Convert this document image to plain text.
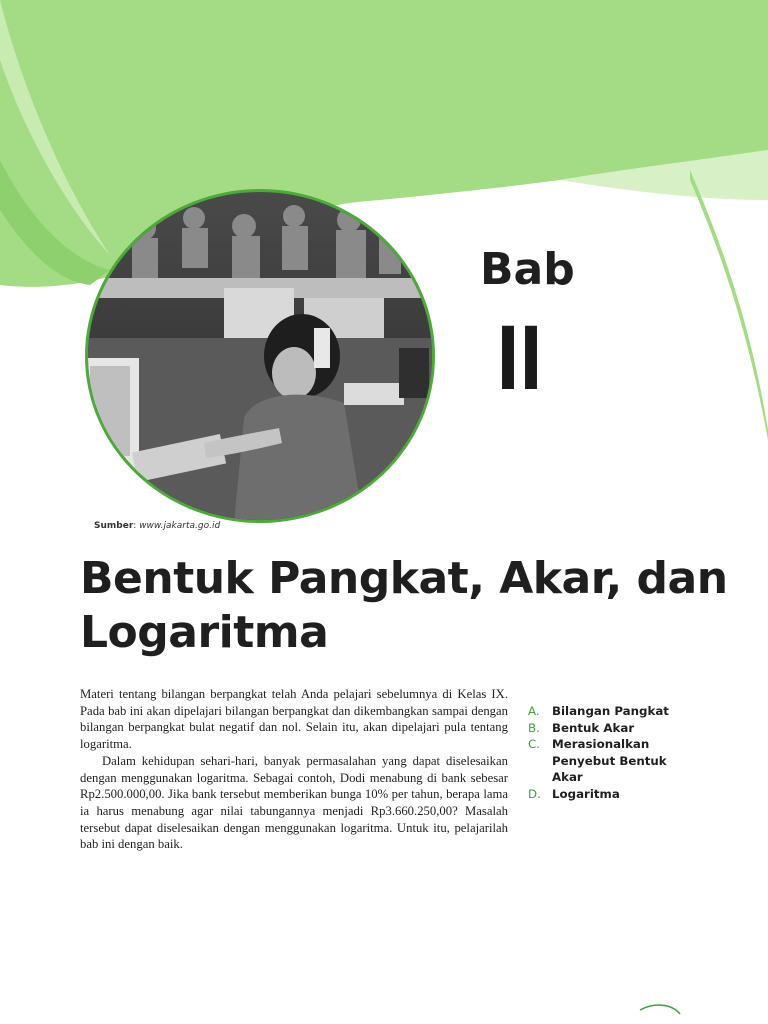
Sumber: www.jakarta.go.id
Bab
II
Bentuk Pangkat, Akar, dan
Logaritma

Materi tentang bilangan berpangkat telah Anda pelajari sebelumnya di Kelas IX. Pada bab ini akan dipelajari bilangan berpangkat dan dikembangkan sampai dengan bilangan berpangkat bulat negatif dan nol. Selain itu, akan dipelajari pula tentang logaritma.

Dalam kehidupan sehari-hari, banyak permasalahan yang dapat diselesaikan dengan menggunakan logaritma. Sebagai contoh, Dodi menabung di bank sebesar Rp2.500.000,00. Jika bank tersebut memberikan bunga 10% per tahun, berapa lama ia harus menabung agar nilai tabungannya menjadi Rp3.660.250,00? Masalah tersebut dapat diselesaikan dengan menggunakan logaritma. Untuk itu, pelajarilah bab ini dengan baik.

A.	Bilangan Pangkat
B.	Bentuk Akar
C.	Merasionalkan Penyebut Bentuk Akar
D. Logaritma
